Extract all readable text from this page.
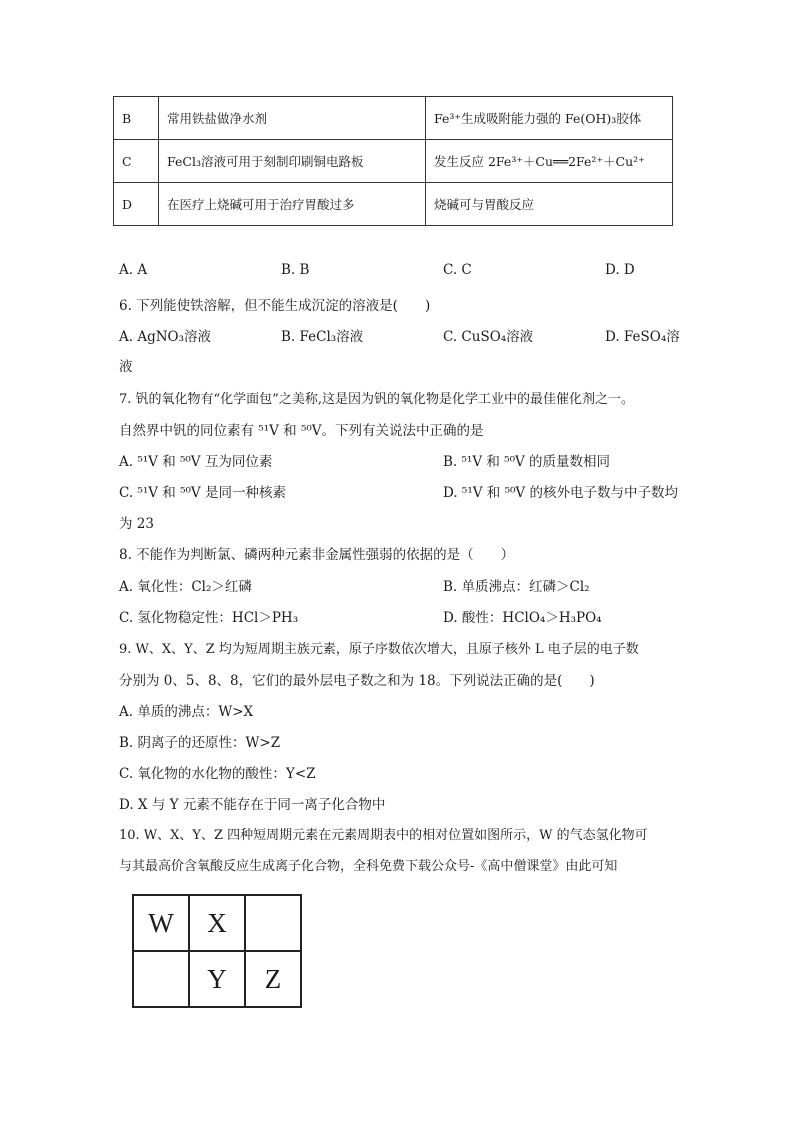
B	常用铁盐做净水剂	Fe³⁺生成吸附能力强的 Fe(OH)₃胶体
C	FeCl₃溶液可用于刻制印刷铜电路板	发生反应 2Fe³⁺＋Cu══2Fe²⁺＋Cu²⁺
D	在医疗上烧碱可用于治疗胃酸过多	烧碱可与胃酸反应
A. A	B. B	C. C	D. D
6. 下列能使铁溶解，但不能生成沉淀的溶液是(　　)
A. AgNO₃溶液	B. FeCl₃溶液	C. CuSO₄溶液	D. FeSO₄溶
液
7. 钒的氧化物有“化学面包”之美称,这是因为钒的氧化物是化学工业中的最佳催化剂之一。
自然界中钒的同位素有 ⁵¹V 和 ⁵⁰V。下列有关说法中正确的是
A. ⁵¹V 和 ⁵⁰V 互为同位素	B. ⁵¹V 和 ⁵⁰V 的质量数相同
C. ⁵¹V 和 ⁵⁰V 是同一种核素	D. ⁵¹V 和 ⁵⁰V 的核外电子数与中子数均
为 23
8. 不能作为判断氯、磷两种元素非金属性强弱的依据的是（　　）
A. 氧化性：Cl₂＞红磷	B. 单质沸点：红磷＞Cl₂
C. 氢化物稳定性：HCl＞PH₃	D. 酸性：HClO₄＞H₃PO₄
9. W、X、Y、Z 均为短周期主族元素，原子序数依次增大，且原子核外 L 电子层的电子数
分别为 0、5、8、8，它们的最外层电子数之和为 18。下列说法正确的是(　　)
A. 单质的沸点：W>X
B. 阴离子的还原性：W>Z
C. 氧化物的水化物的酸性：Y<Z
D. X 与 Y 元素不能存在于同一离子化合物中
10. W、X、Y、Z 四种短周期元素在元素周期表中的相对位置如图所示，W 的气态氢化物可
与其最高价含氧酸反应生成离子化合物，全科免费下载公众号-《高中僧课堂》由此可知
W	X	
	Y	Z
